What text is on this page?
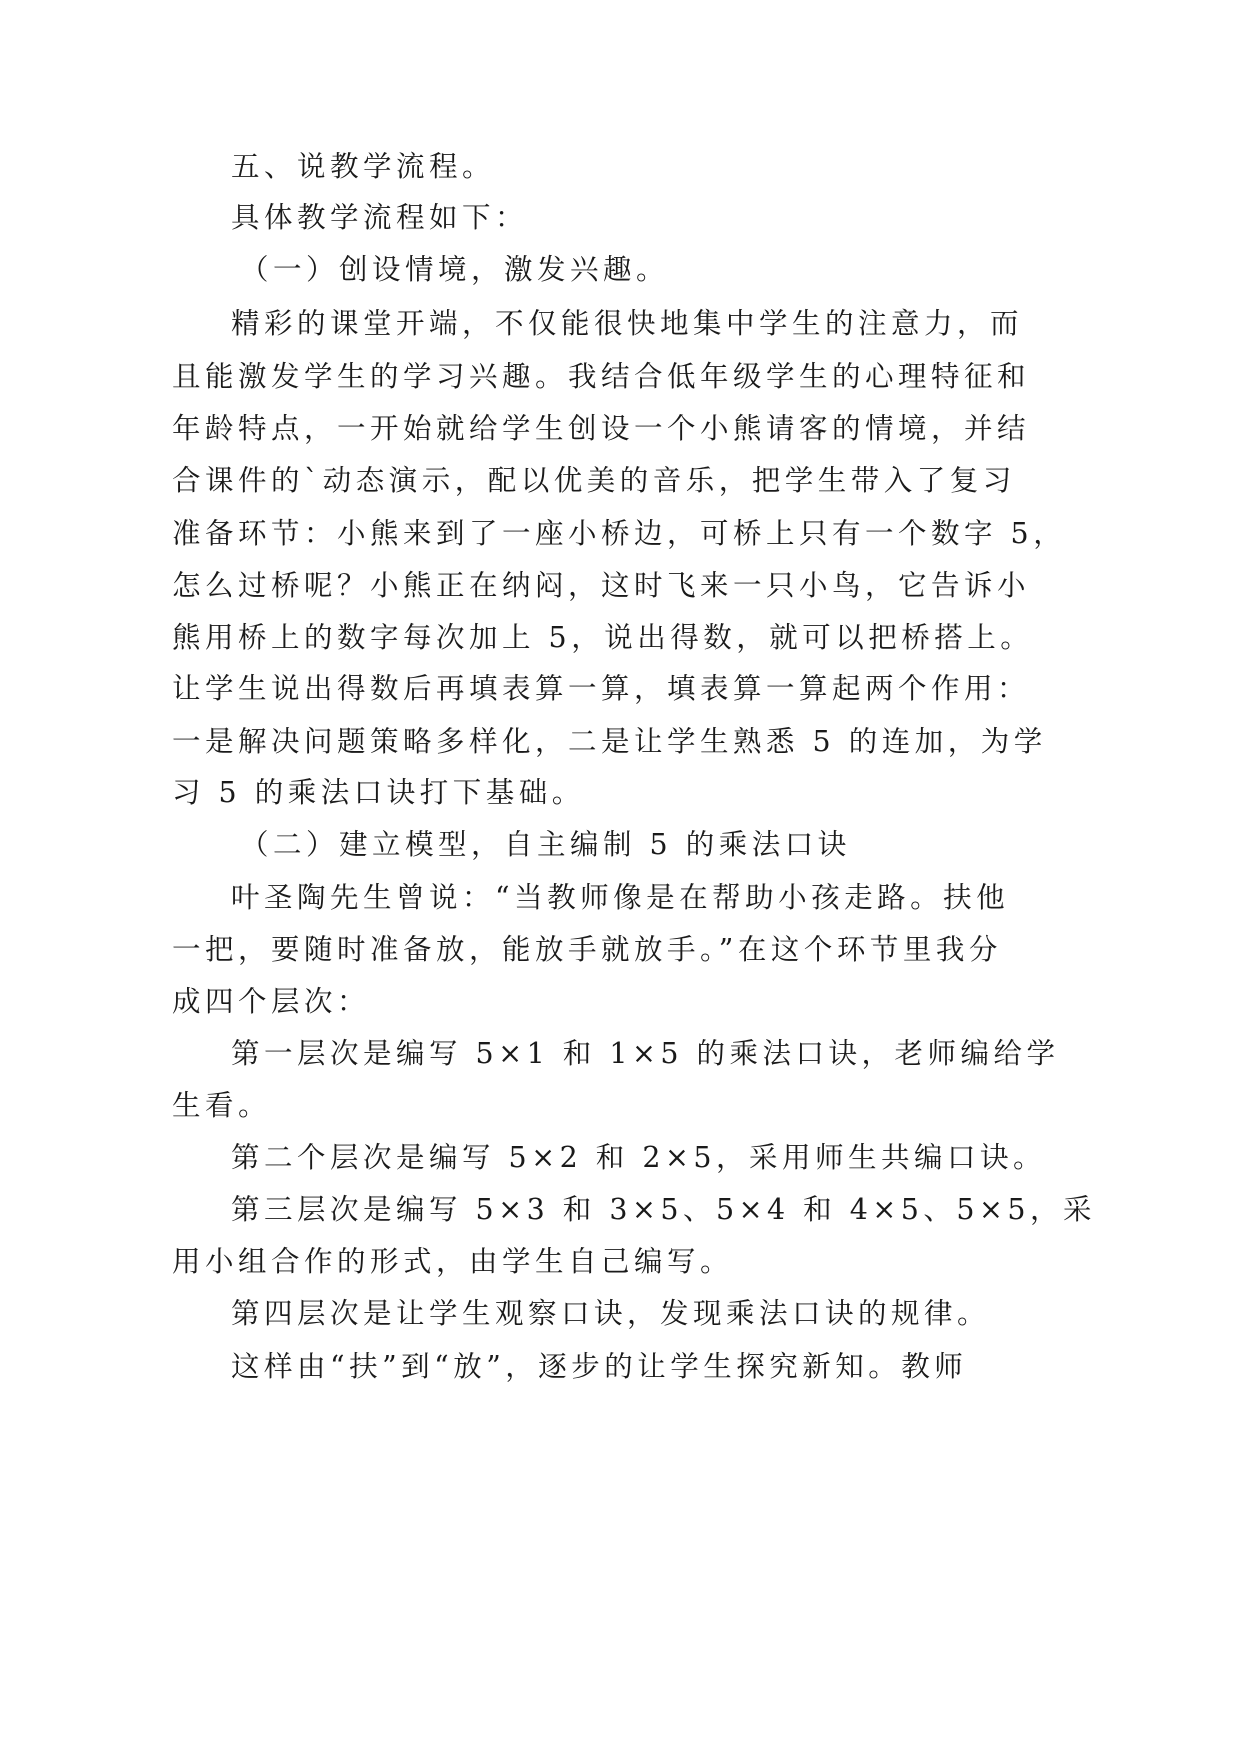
五、说教学流程。
具体教学流程如下：
（一）创设情境，激发兴趣。
精彩的课堂开端，不仅能很快地集中学生的注意力，而
且能激发学生的学习兴趣。我结合低年级学生的心理特征和
年龄特点，一开始就给学生创设一个小熊请客的情境，并结
合课件的`动态演示，配以优美的音乐，把学生带入了复习
准备环节：小熊来到了一座小桥边，可桥上只有一个数字 5，
怎么过桥呢？小熊正在纳闷，这时飞来一只小鸟，它告诉小
熊用桥上的数字每次加上 5，说出得数，就可以把桥搭上。
让学生说出得数后再填表算一算，填表算一算起两个作用：
一是解决问题策略多样化，二是让学生熟悉 5 的连加，为学
习 5 的乘法口诀打下基础。
（二）建立模型，自主编制 5 的乘法口诀
叶圣陶先生曾说：“当教师像是在帮助小孩走路。扶他
一把，要随时准备放，能放手就放手。”在这个环节里我分
成四个层次：
第一层次是编写 5×1 和 1×5 的乘法口诀，老师编给学
生看。
第二个层次是编写 5×2 和 2×5，采用师生共编口诀。
第三层次是编写 5×3 和 3×5、5×4 和 4×5、5×5，采
用小组合作的形式，由学生自己编写。
第四层次是让学生观察口诀，发现乘法口诀的规律。
这样由“扶”到“放”，逐步的让学生探究新知。教师
